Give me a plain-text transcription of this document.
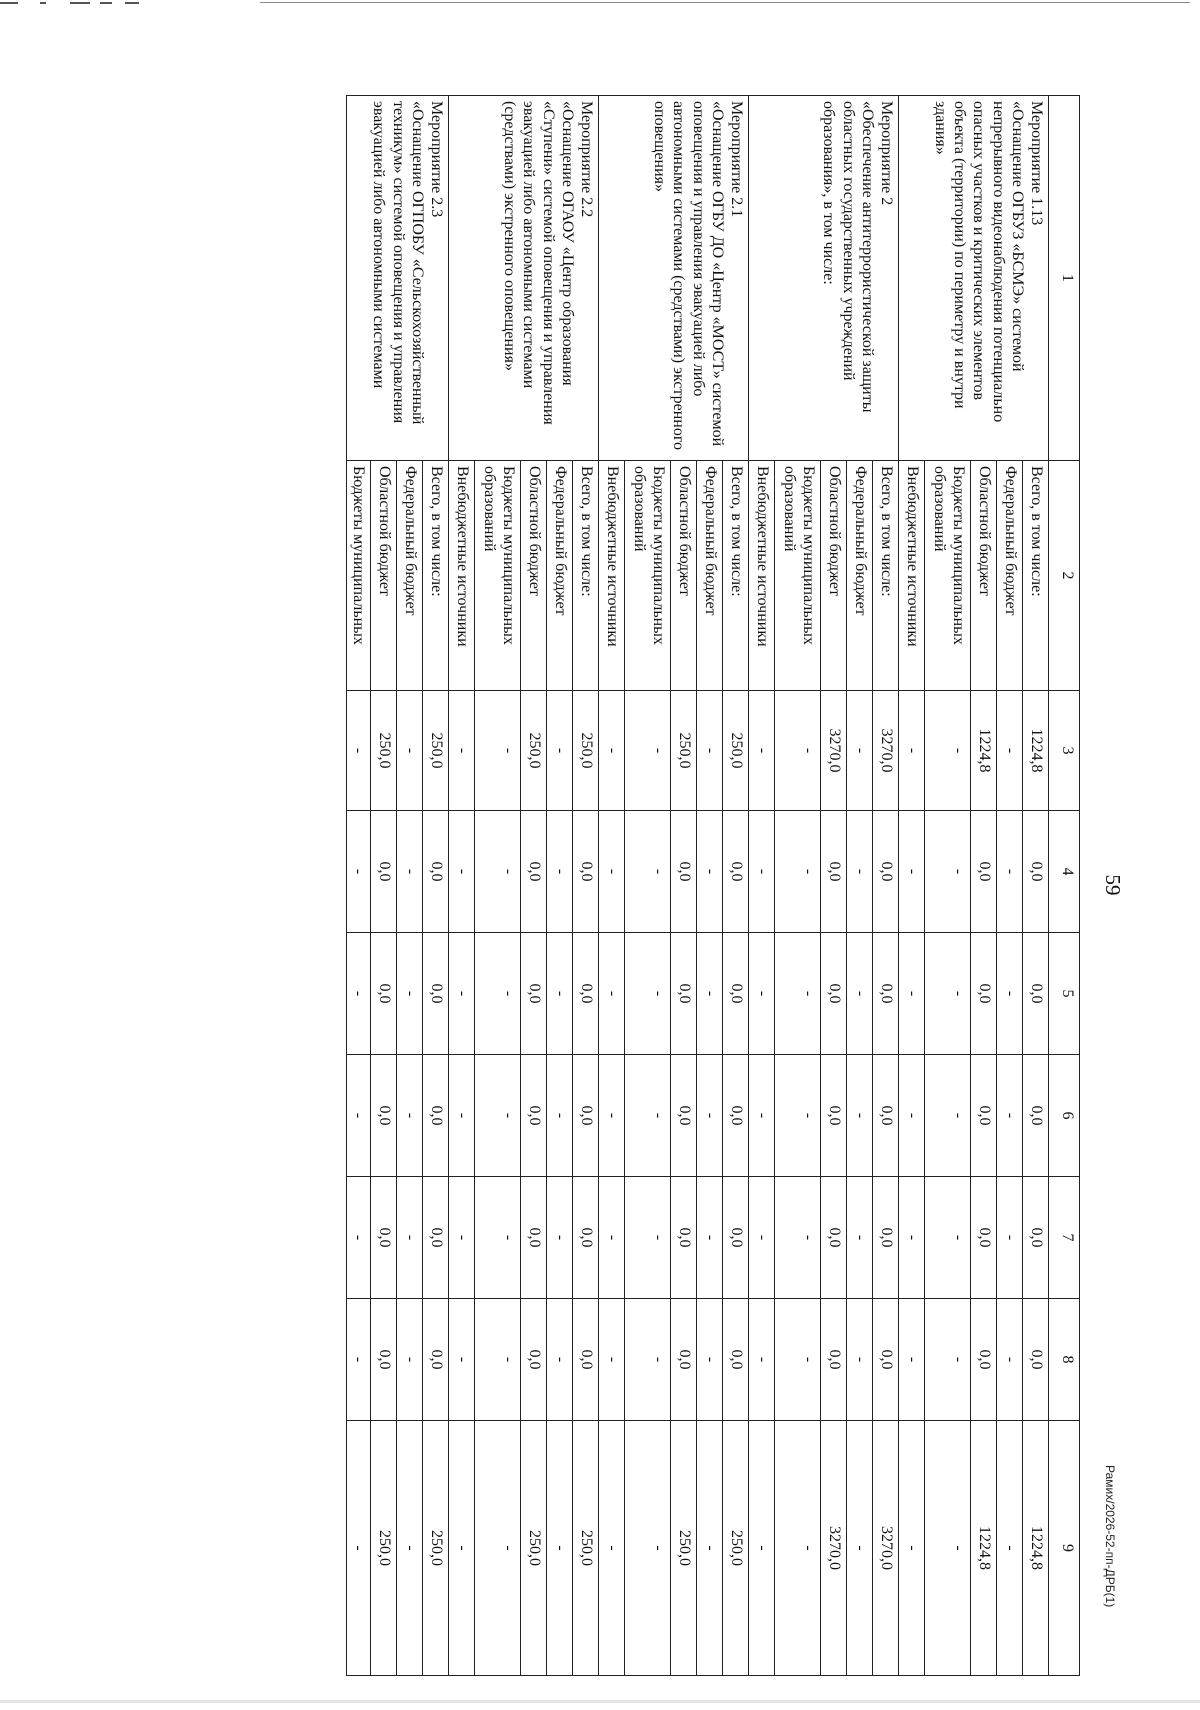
59
1	2	3	4	5	6	7	8	9

Мероприятие 1.13
«Оснащение ОГБУЗ «БСМЭ» системой непрерывного видеонаблюдения потенциально опасных участков и критических элементов объекта (территории) по периметру и внутри здания»	Всего, в том числе:	1224,8	0,0	0,0	0,0	0,0	0,0	1224,8
	Федеральный бюджет	-	-	-	-	-	-	-
	Областной бюджет	1224,8	0,0	0,0	0,0	0,0	0,0	1224,8
	Бюджеты муниципальных образований	-	-	-	-	-	-	-
	Внебюджетные источники	-	-	-	-	-	-	-

Мероприятие 2
«Обеспечение антитеррористической защиты областных государственных учреждений образования», в том числе:	Всего, в том числе:	3270,0	0,0	0,0	0,0	0,0	0,0	3270,0
	Федеральный бюджет	-	-	-	-	-	-	-
	Областной бюджет	3270,0	0,0	0,0	0,0	0,0	0,0	3270,0
	Бюджеты муниципальных образований	-	-	-	-	-	-	-
	Внебюджетные источники	-	-	-	-	-	-	-

Мероприятие 2.1
«Оснащение ОГБУ ДО «Центр «МОСТ» системой оповещения и управления эвакуацией либо автономными системами (средствами) экстренного оповещения»	Всего, в том числе:	250,0	0,0	0,0	0,0	0,0	0,0	250,0
	Федеральный бюджет	-	-	-	-	-	-	-
	Областной бюджет	250,0	0,0	0,0	0,0	0,0	0,0	250,0
	Бюджеты муниципальных образований	-	-	-	-	-	-	-
	Внебюджетные источники	-	-	-	-	-	-	-

Мероприятие 2.2
«Оснащение ОГАОУ «Центр образования «Ступени» системой оповещения и управления эвакуацией либо автономными системами (средствами) экстренного оповещения»	Всего, в том числе:	250,0	0,0	0,0	0,0	0,0	0,0	250,0
	Федеральный бюджет	-	-	-	-	-	-	-
	Областной бюджет	250,0	0,0	0,0	0,0	0,0	0,0	250,0
	Бюджеты муниципальных образований	-	-	-	-	-	-	-
	Внебюджетные источники	-	-	-	-	-	-	-

Мероприятие 2.3
«Оснащение ОГПОБУ «Сельскохозяйственный техникум» системой оповещения и управления эвакуацией либо автономными системами	Всего, в том числе:	250,0	0,0	0,0	0,0	0,0	0,0	250,0
	Федеральный бюджет	-	-	-	-	-	-	-
	Областной бюджет	250,0	0,0	0,0	0,0	0,0	0,0	250,0
	Бюджеты муниципальных	-	-	-	-	-	-	-	Рамих/2026-52-пп-ДРБ(1)
